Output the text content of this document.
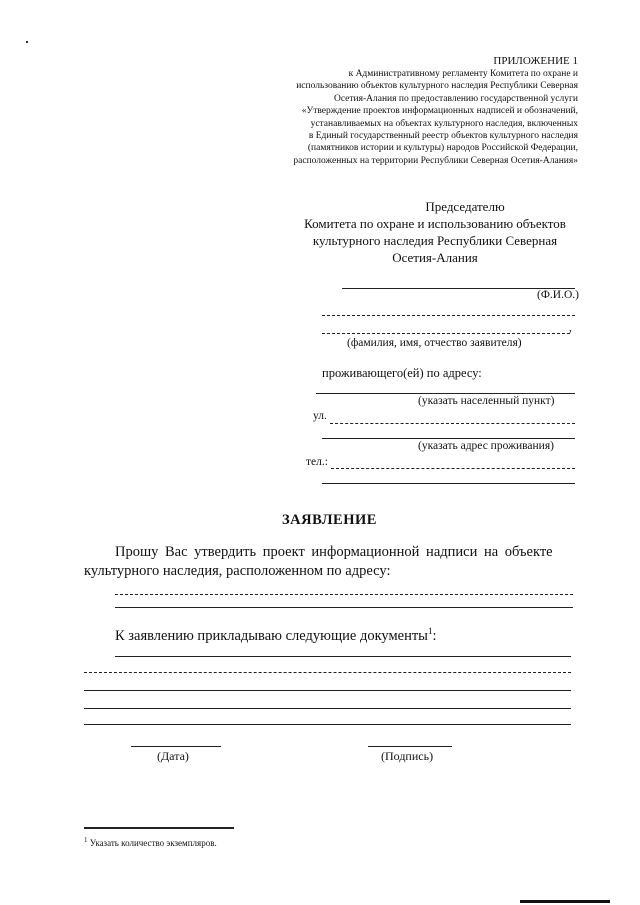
ПРИЛОЖЕНИЕ 1
к Административному регламенту Комитета по охране и
использованию объектов культурного наследия Республики Северная
Осетия-Алания по предоставлению государственной услуги
«Утверждение проектов информационных надписей и обозначений,
устанавливаемых на объектах культурного наследия, включенных
в Единый государственный реестр объектов культурного наследия
(памятников истории и культуры) народов Российской Федерации,
расположенных на территории Республики Северная Осетия-Алания»
Председателю
Комитета по охране и использованию объектов
культурного наследия Республики Северная
Осетия-Алания
(Ф.И.О.)
,
(фамилия, имя, отчество заявителя)
проживающего(ей) по адресу:
(указать населенный пункт)
ул.
(указать адрес проживания)
тел.:
ЗАЯВЛЕНИЕ
Прошу Вас утвердить проект информационной надписи на объекте
культурного наследия, расположенном по адресу:
К заявлению прикладываю следующие документы$^1$:
(Дата)	(Подпись)
$^1$ Указать количество экземпляров.
